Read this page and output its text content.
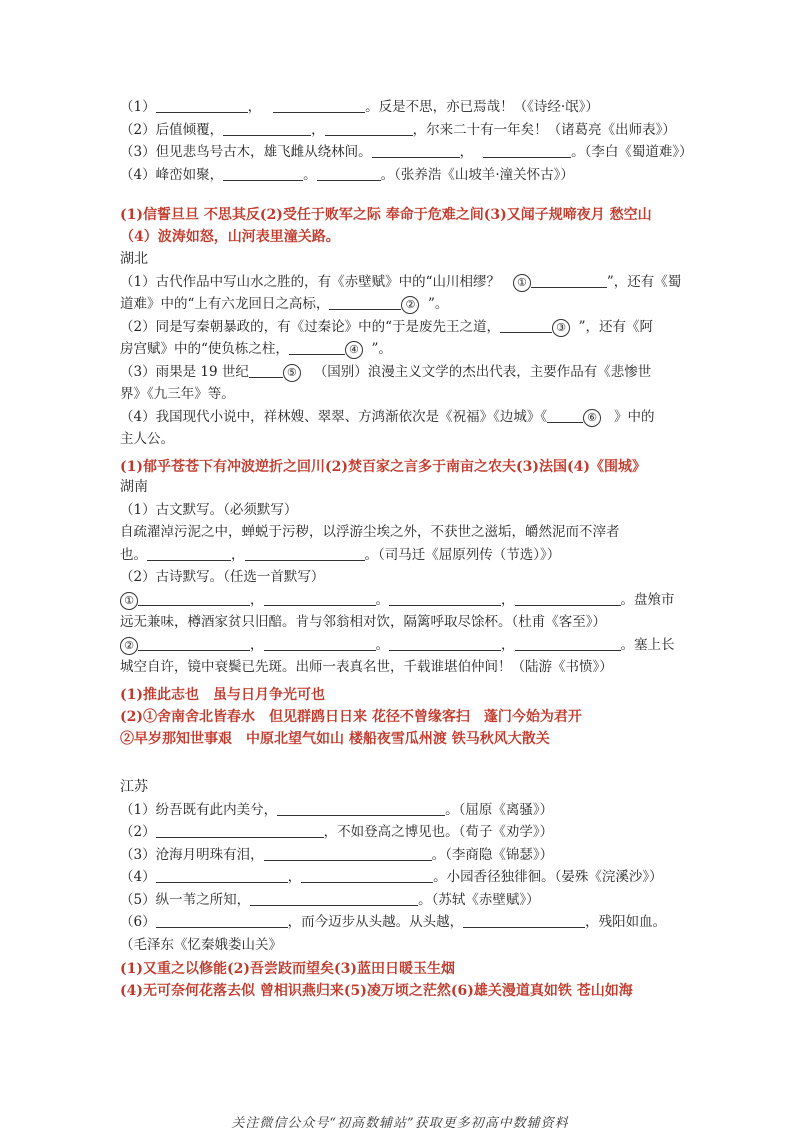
（1）	，	。反是不思，亦已焉哉！（《诗经·氓》）
（2）后值倾覆，	，	，尔来二十有一年矣！（诸葛亮《出师表》）
（3）但见悲鸟号古木，雄飞雌从绕林间。	，	。（李白《蜀道难》）
（4）峰峦如聚，	。	。（张养浩《山坡羊·潼关怀古》）
(1)信誓旦旦 不思其反(2)受任于败军之际 奉命于危难之间(3)又闻子规啼夜月 愁空山
（4）波涛如怒，山河表里潼关路。
湖北
（1）古代作品中写山水之胜的，有《赤壁赋》中的“山川相缪？ ①	”，还有《蜀
道难》中的“上有六龙回日之高标，	② ”。
（2）同是写秦朝暴政的，有《过秦论》中的“于是废先王之道，	③ ”，还有《阿
房宫赋》中的“使负栋之柱，	④ ”。
（3）雨果是 19 世纪	⑤ （国别）浪漫主义文学的杰出代表，主要作品有《悲惨世
界》《九三年》等。
（4）我国现代小说中，祥林嫂、翠翠、方鸿渐依次是《祝福》《边城》《	⑥ 》中的
主人公。
(1)郁乎苍苍下有冲波逆折之回川(2)焚百家之言多于南亩之农夫(3)法国(4)《围城》
湖南
（1）古文默写。（必须默写）
自疏濯淖污泥之中，蝉蜕于污秽，以浮游尘埃之外，不获世之滋垢，皭然泥而不滓者
也。	，	。（司马迁《屈原列传（节选）》）
（2）古诗默写。（任选一首默写）
①	，	。	，	。盘飧市
远无兼味，樽酒家贫只旧醅。肯与邻翁相对饮，隔篱呼取尽馀杯。（杜甫《客至》）
②	，	。	，	。塞上长
城空自许，镜中衰鬓已先斑。出师一表真名世，千载谁堪伯仲间！（陆游《书愤》）
(1)推此志也　虽与日月争光可也
(2)①舍南舍北皆春水　但见群鸥日日来 花径不曾缘客扫　蓬门今始为君开
②早岁那知世事艰　中原北望气如山 楼船夜雪瓜州渡 铁马秋风大散关
江苏
（1）纷吾既有此内美兮，	。（屈原《离骚》）
（2）	，不如登高之博见也。（荀子《劝学》）
（3）沧海月明珠有泪，	。（李商隐《锦瑟》）
（4）	，	。小园香径独徘徊。（晏殊《浣溪沙》）
（5）纵一苇之所知，	。（苏轼《赤壁赋》）
（6）	，而今迈步从头越。从头越，	，残阳如血。
（毛泽东《忆秦娥娄山关》
(1)又重之以修能(2)吾尝跂而望矣(3)蓝田日暖玉生烟
(4)无可奈何花落去似 曾相识燕归来(5)凌万顷之茫然(6)雄关漫道真如铁 苍山如海
关注微信公众号“初高数辅站”获取更多初高中数辅资料
